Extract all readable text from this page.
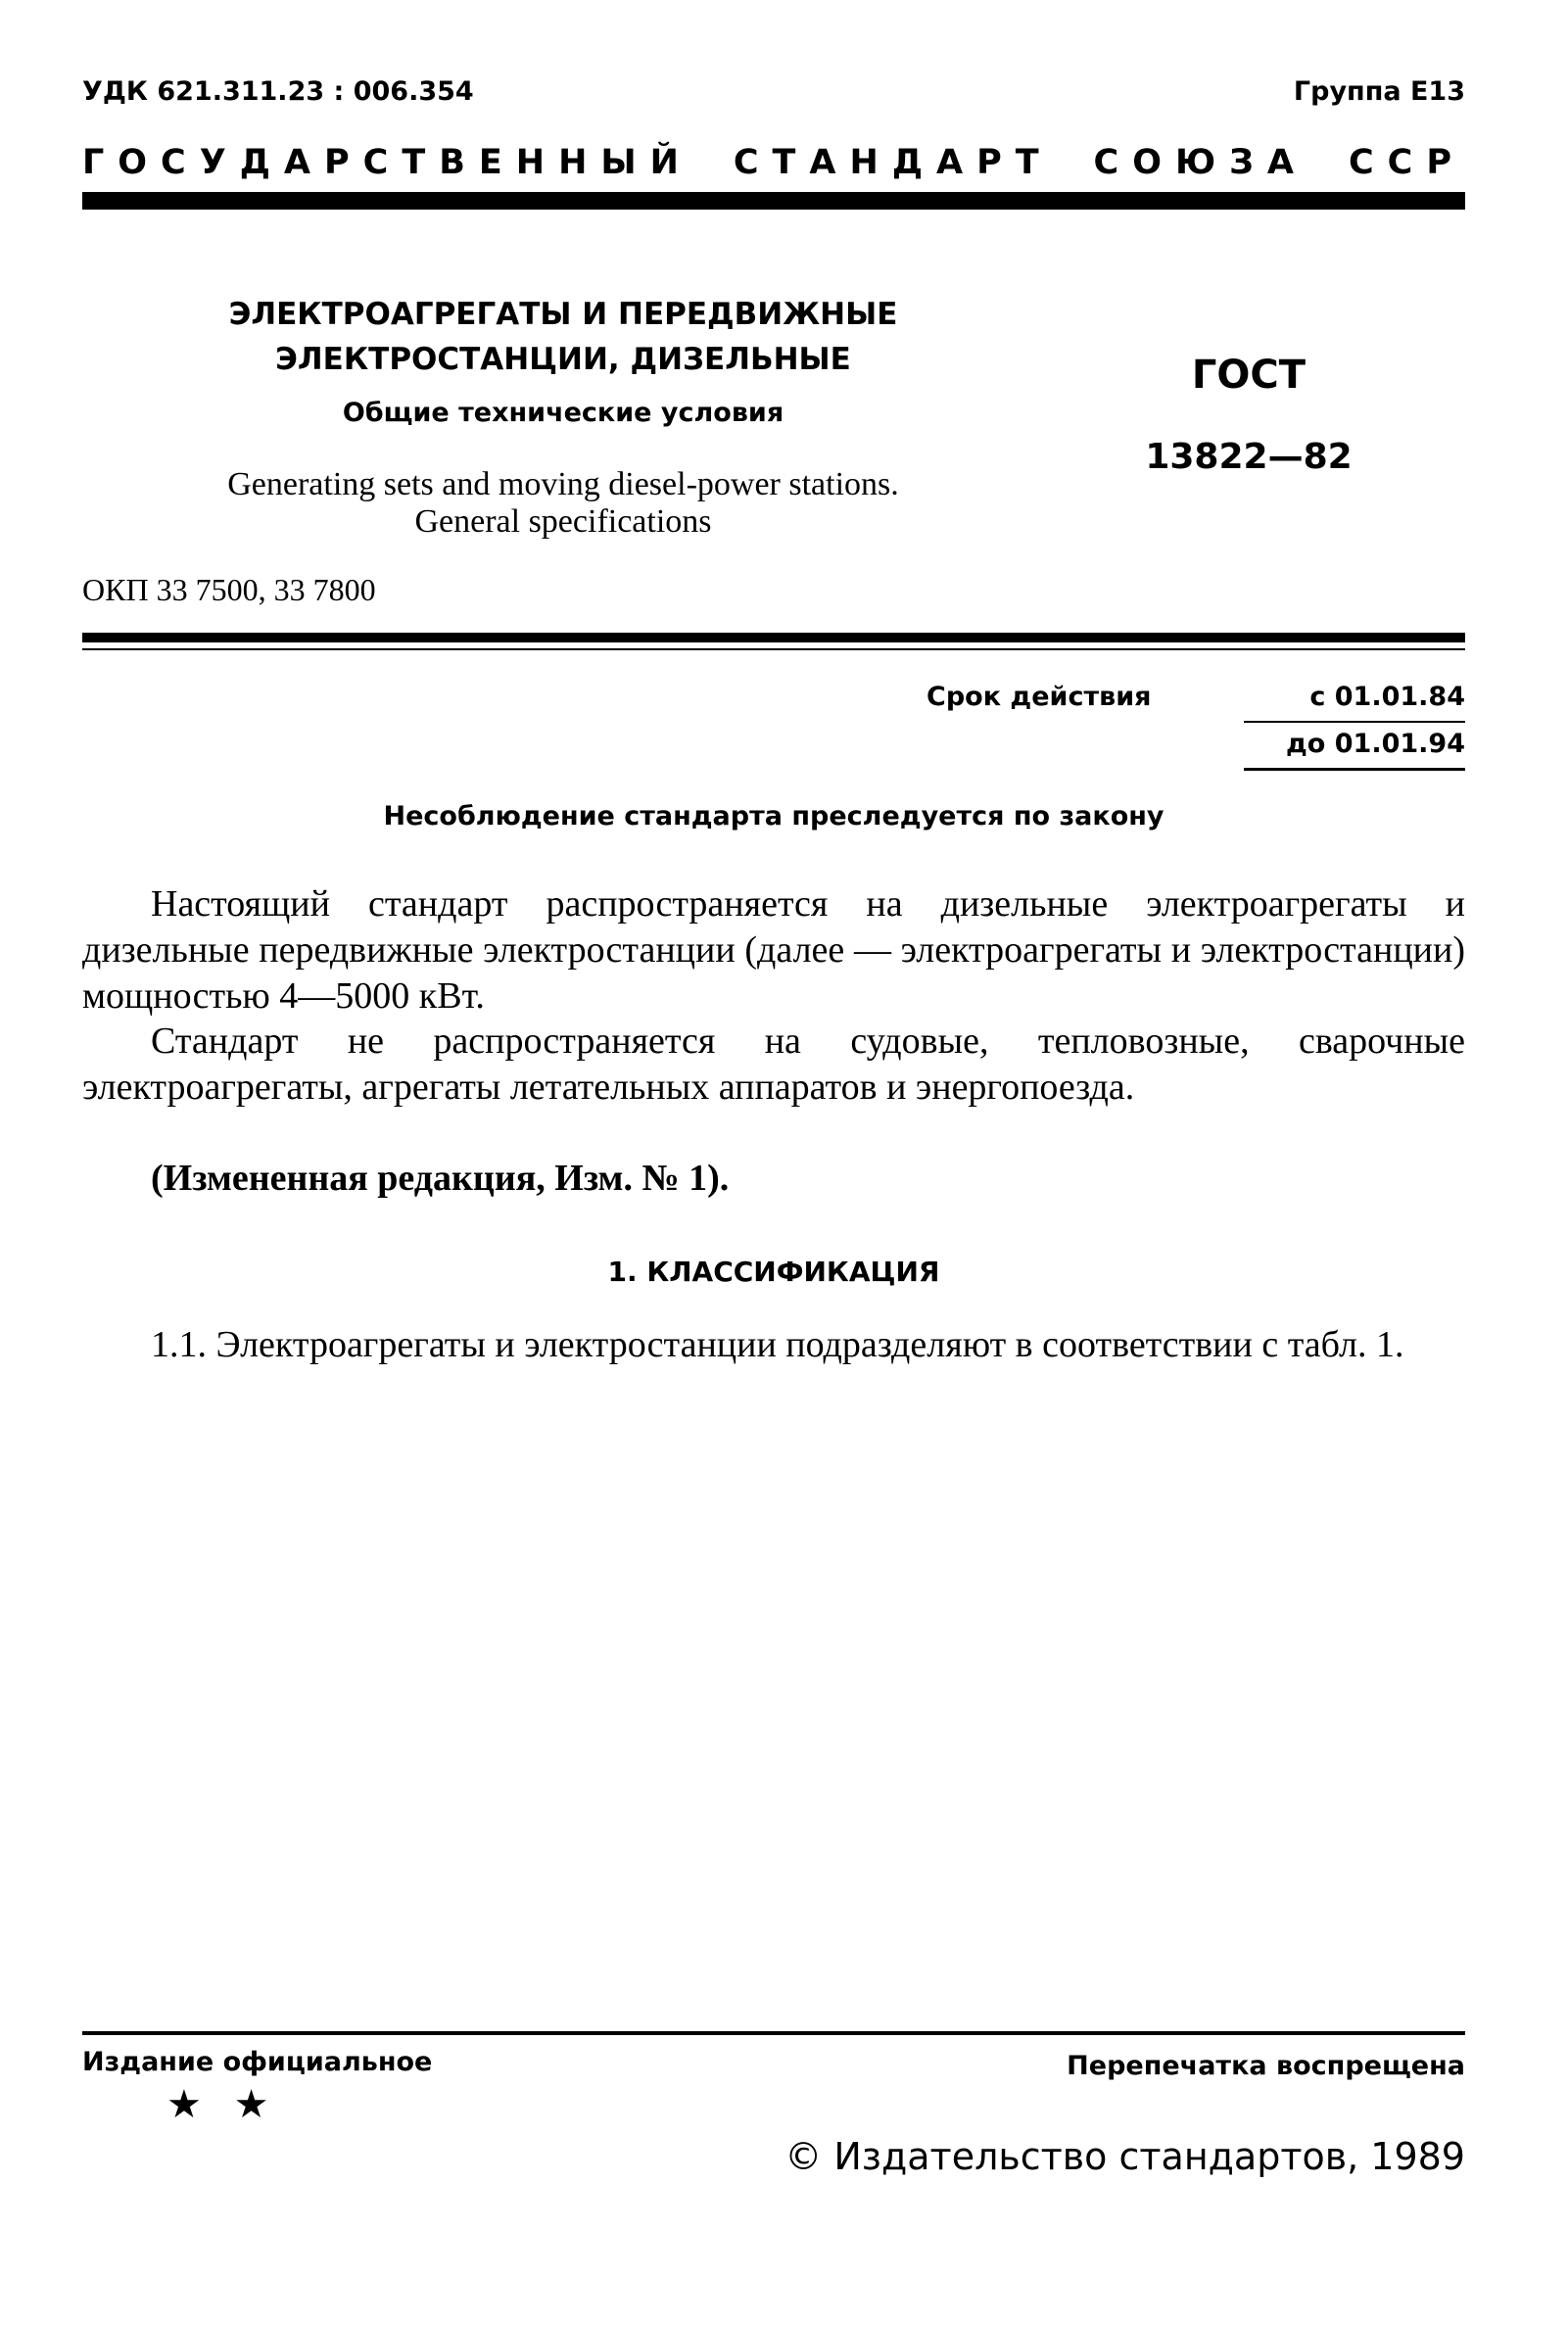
УДК 621.311.23 : 006.354	Группа Е13
ГОСУДАРСТВЕННЫЙ СТАНДАРТ СОЮЗА ССР
ЭЛЕКТРОАГРЕГАТЫ И ПЕРЕДВИЖНЫЕ
ЭЛЕКТРОСТАНЦИИ, ДИЗЕЛЬНЫЕ
Общие технические условия
Generating sets and moving diesel-power stations.
General specifications
ГОСТ
13822—82
ОКП 33 7500, 33 7800
Срок действия	с 01.01.84
до 01.01.94
Несоблюдение стандарта преследуется по закону
Настоящий стандарт распространяется на дизельные электроагрегаты и дизельные передвижные электростанции (далее — электроагрегаты и электростанции) мощностью 4—5000 кВт.
Стандарт не распространяется на судовые, тепловозные, сварочные электроагрегаты, агрегаты летательных аппаратов и энергопоезда.
(Измененная редакция, Изм. № 1).
1. КЛАССИФИКАЦИЯ
1.1. Электроагрегаты и электростанции подразделяют в соответствии с табл. 1.
Издание официальное
★ ★
Перепечатка воспрещена
© Издательство стандартов, 1989
